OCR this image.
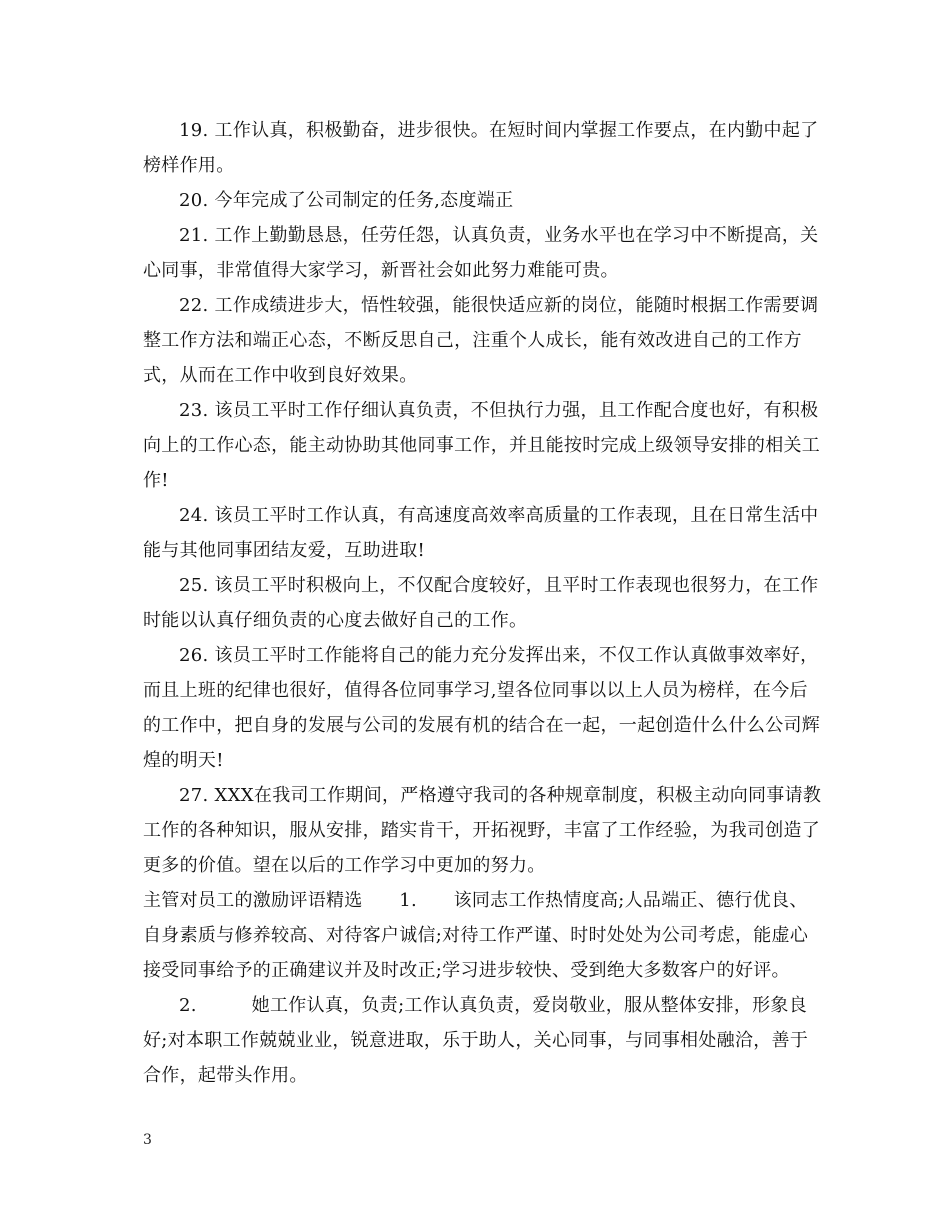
19. 工作认真，积极勤奋，进步很快。在短时间内掌握工作要点，在内勤中起了榜样作用。

20. 今年完成了公司制定的任务,态度端正

21. 工作上勤勤恳恳，任劳任怨，认真负责，业务水平也在学习中不断提高，关心同事，非常值得大家学习，新晋社会如此努力难能可贵。

22. 工作成绩进步大，悟性较强，能很快适应新的岗位，能随时根据工作需要调整工作方法和端正心态，不断反思自己，注重个人成长，能有效改进自己的工作方式，从而在工作中收到良好效果。

23. 该员工平时工作仔细认真负责，不但执行力强，且工作配合度也好，有积极向上的工作心态，能主动协助其他同事工作，并且能按时完成上级领导安排的相关工作!

24. 该员工平时工作认真，有高速度高效率高质量的工作表现，且在日常生活中能与其他同事团结友爱，互助进取!

25. 该员工平时积极向上，不仅配合度较好，且平时工作表现也很努力，在工作时能以认真仔细负责的心度去做好自己的工作。

26. 该员工平时工作能将自己的能力充分发挥出来，不仅工作认真做事效率好，而且上班的纪律也很好，值得各位同事学习,望各位同事以以上人员为榜样，在今后的工作中，把自身的发展与公司的发展有机的结合在一起，一起创造什么什么公司辉煌的明天!

27. XXX在我司工作期间，严格遵守我司的各种规章制度，积极主动向同事请教工作的各种知识，服从安排，踏实肯干，开拓视野，丰富了工作经验，为我司创造了更多的价值。望在以后的工作学习中更加的努力。

主管对员工的激励评语精选　　1.　　该同志工作热情度高;人品端正、德行优良、自身素质与修养较高、对待客户诚信;对待工作严谨、时时处处为公司考虑，能虚心接受同事给予的正确建议并及时改正;学习进步较快、受到绝大多数客户的好评。

2.　　　她工作认真，负责;工作认真负责，爱岗敬业，服从整体安排，形象良好;对本职工作兢兢业业，锐意进取，乐于助人，关心同事，与同事相处融洽，善于 合作，起带头作用。

3
